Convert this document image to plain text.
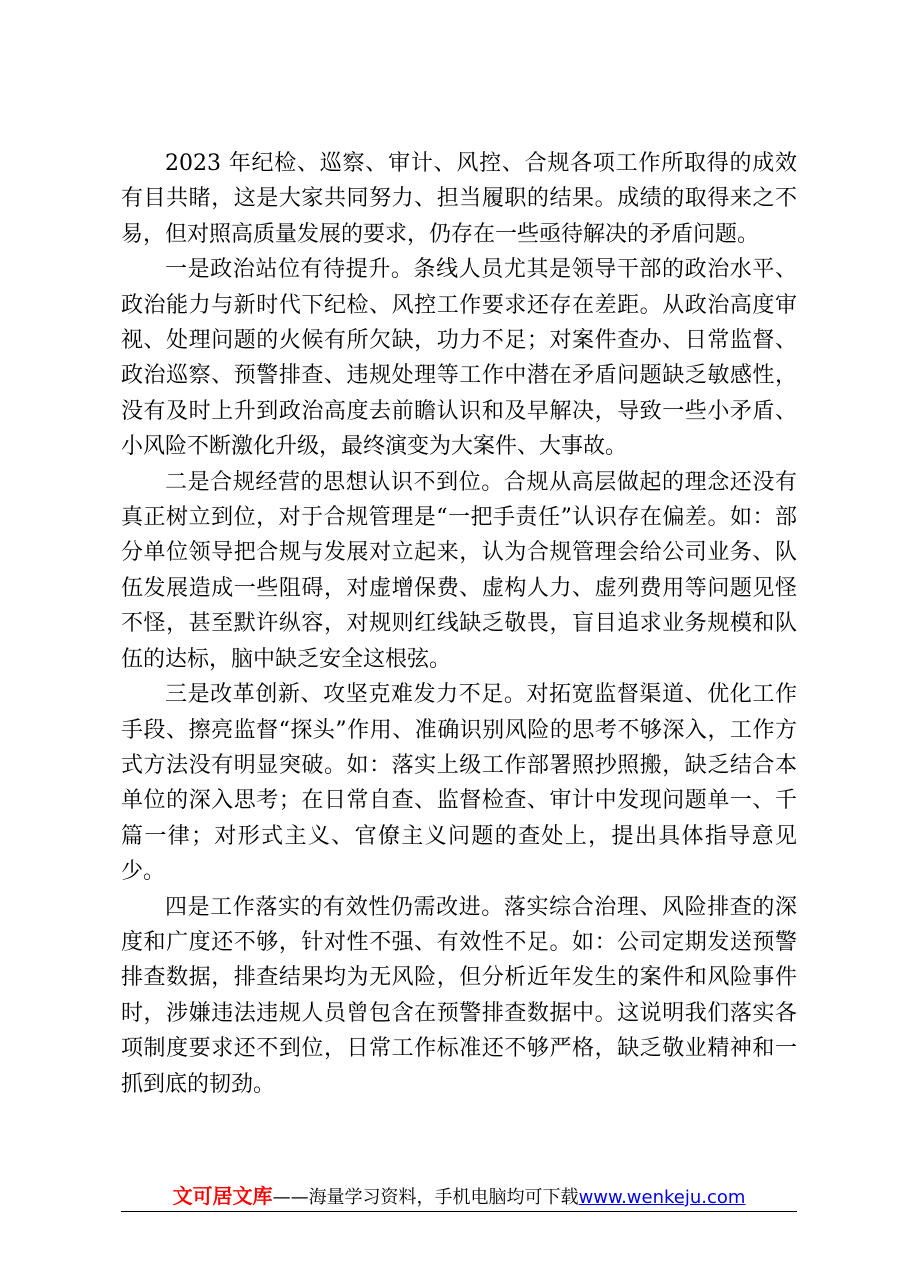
2023 年纪检、巡察、审计、风控、合规各项工作所取得的成效有目共睹，这是大家共同努力、担当履职的结果。成绩的取得来之不易，但对照高质量发展的要求，仍存在一些亟待解决的矛盾问题。

一是政治站位有待提升。条线人员尤其是领导干部的政治水平、政治能力与新时代下纪检、风控工作要求还存在差距。从政治高度审视、处理问题的火候有所欠缺，功力不足；对案件查办、日常监督、政治巡察、预警排查、违规处理等工作中潜在矛盾问题缺乏敏感性，没有及时上升到政治高度去前瞻认识和及早解决，导致一些小矛盾、小风险不断激化升级，最终演变为大案件、大事故。

二是合规经营的思想认识不到位。合规从高层做起的理念还没有真正树立到位，对于合规管理是“一把手责任”认识存在偏差。如：部分单位领导把合规与发展对立起来，认为合规管理会给公司业务、队伍发展造成一些阻碍，对虚增保费、虚构人力、虚列费用等问题见怪不怪，甚至默许纵容，对规则红线缺乏敬畏，盲目追求业务规模和队伍的达标，脑中缺乏安全这根弦。

三是改革创新、攻坚克难发力不足。对拓宽监督渠道、优化工作手段、擦亮监督“探头”作用、准确识别风险的思考不够深入，工作方式方法没有明显突破。如：落实上级工作部署照抄照搬，缺乏结合本单位的深入思考；在日常自查、监督检查、审计中发现问题单一、千篇一律；对形式主义、官僚主义问题的查处上，提出具体指导意见少。

四是工作落实的有效性仍需改进。落实综合治理、风险排查的深度和广度还不够，针对性不强、有效性不足。如：公司定期发送预警排查数据，排查结果均为无风险，但分析近年发生的案件和风险事件时，涉嫌违法违规人员曾包含在预警排查数据中。这说明我们落实各项制度要求还不到位，日常工作标准还不够严格，缺乏敬业精神和一抓到底的韧劲。

文可居文库——海量学习资料，手机电脑均可下载www.wenkeju.com
